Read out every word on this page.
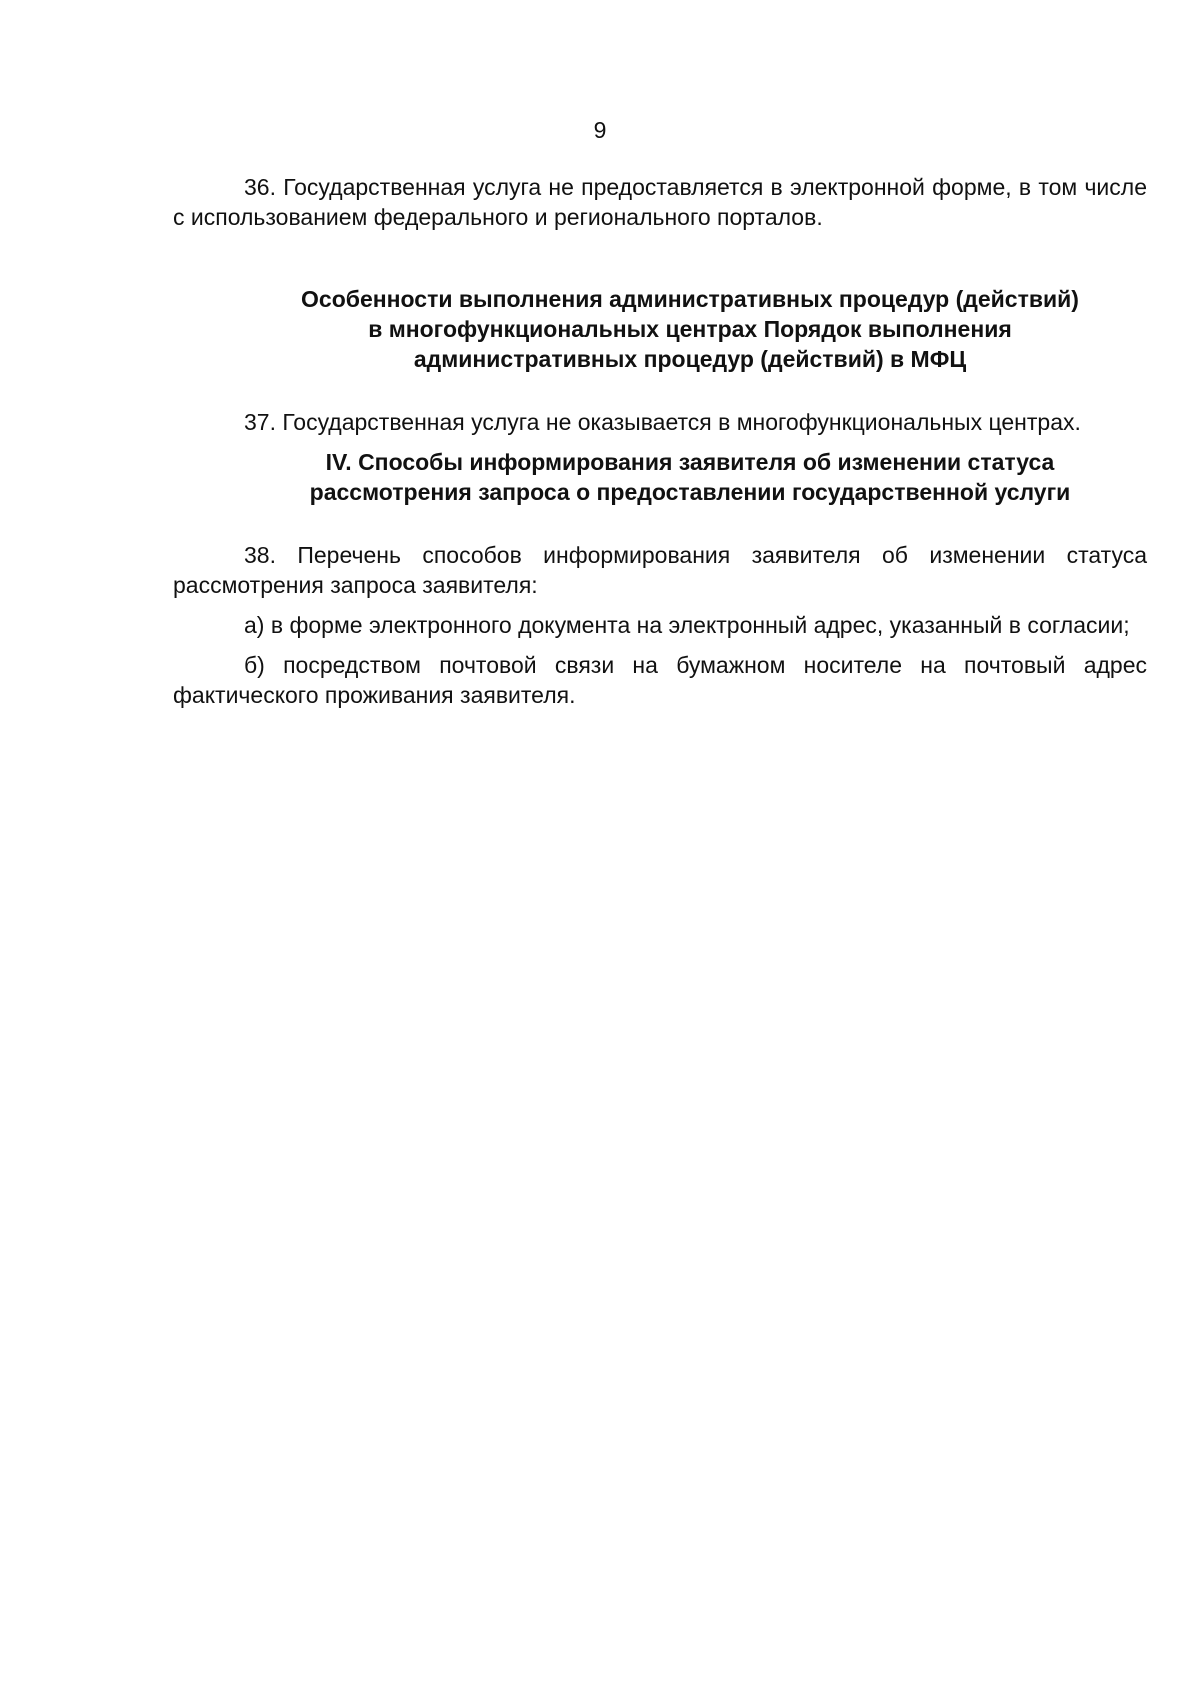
9

36. Государственная услуга не предоставляется в электронной форме, в том числе с использованием федерального и регионального порталов.

Особенности выполнения административных процедур (действий)
в многофункциональных центрах Порядок выполнения
административных процедур (действий) в МФЦ

37. Государственная услуга не оказывается в многофункциональных центрах.

IV. Способы информирования заявителя об изменении статуса
рассмотрения запроса о предоставлении государственной услуги

38. Перечень способов информирования заявителя об изменении статуса рассмотрения запроса заявителя:

а) в форме электронного документа на электронный адрес, указанный в согласии;

б) посредством почтовой связи на бумажном носителе на почтовый адрес фактического проживания заявителя.
